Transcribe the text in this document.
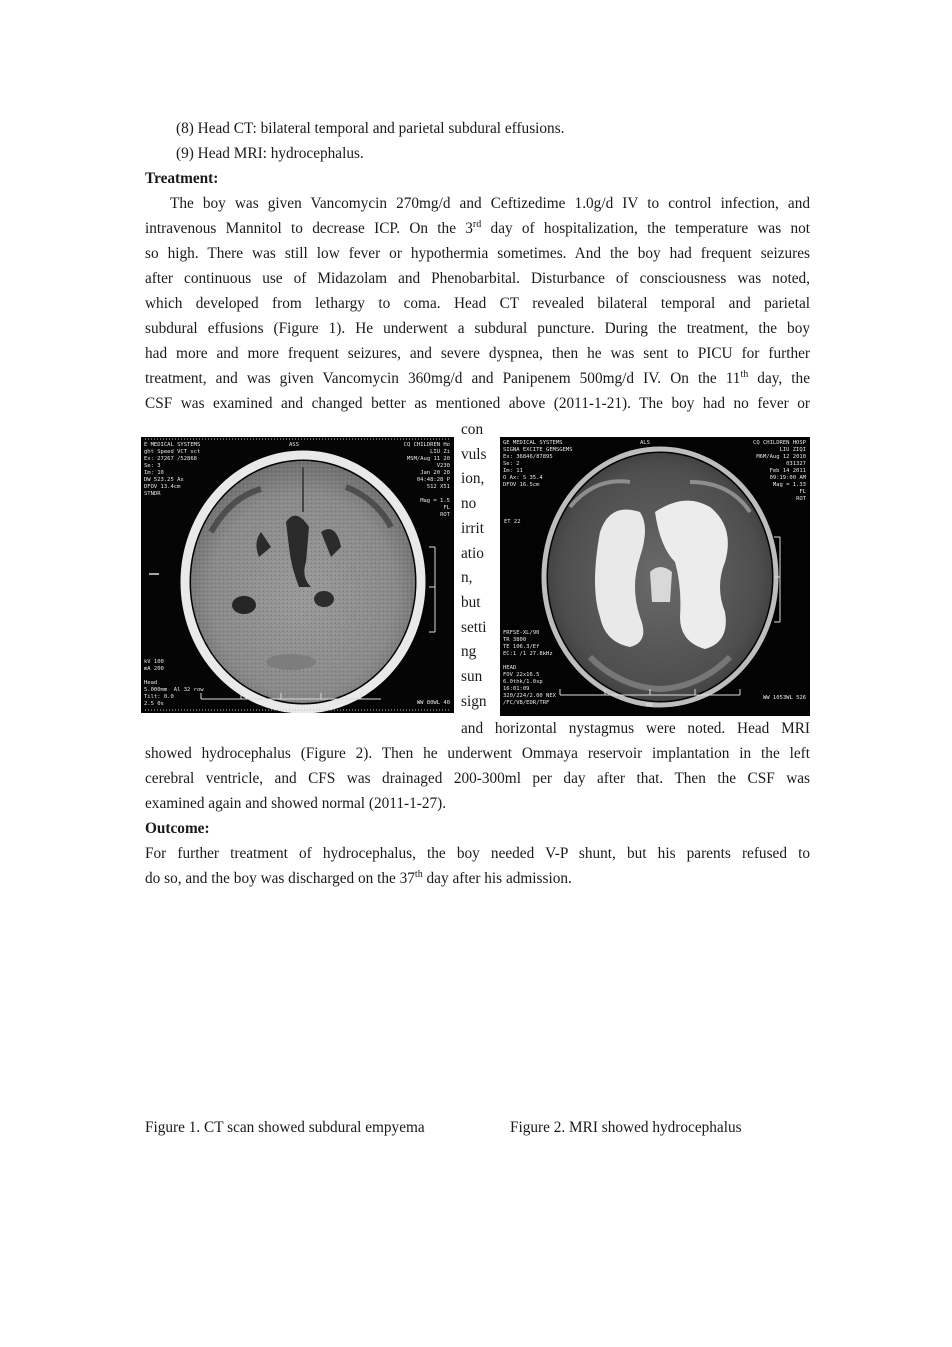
(8) Head CT: bilateral temporal and parietal subdural effusions.
(9) Head MRI: hydrocephalus.
Treatment:
The boy was given Vancomycin 270mg/d and Ceftizedime 1.0g/d IV to control infection, and
intravenous Mannitol to decrease ICP. On the 3rd day of hospitalization, the temperature was not
so high. There was still low fever or hypothermia sometimes. And the boy had frequent seizures
after continuous use of Midazolam and Phenobarbital. Disturbance of consciousness was noted,
which developed from lethargy to coma. Head CT revealed bilateral temporal and parietal
subdural effusions (Figure 1). He underwent a subdural puncture. During the treatment, the boy
had more and more frequent seizures, and severe dyspnea, then he was sent to PICU for further
treatment, and was given Vancomycin 360mg/d and Panipenem 500mg/d IV. On the 11th day, the
CSF was examined and changed better as mentioned above (2011-1-21). The boy had no fever or
E MEDICAL SYSTEMS
ght Speed VCT vct
Ex: 27267 /52868
Se: 3
Im: 10
DW 523.25 Ax
DFOV 13.4cm
STNDR
ASS	CQ CHILDREN Ho
LIU Zi
MSM/Aug 11 20
V230
Jan 20 20
04:48:28 P
512 X51

Mag = 1.5
FL
ROT
kV 100
mA 200

Head
5.000mm  Al 32 row
Tilt: 0.0
2.5 0s	WW 80WL 40
con
vuls
ion,
no
irrit
atio
n,
but
setti
ng
sun
sign
GE MEDICAL SYSTEMS
SIGNA EXCITE GEMSGEMS
Ex: 36846/87895
Se: 2
Im: 11
O Ax: S 35.4
DFOV 16.5cm
ALS	CQ CHILDREN HOSP
LIU ZIQI
M6M/Aug 12 2010
031327
Feb 14 2011
09:19:00 AM
Mag = 1.33
FL
ROT
ET 22
FRFSE-XL/90
TR 3800
TE 106.3/Ef
EC:1 /1 27.8kHz

HEAD
FOV 22x16.5
6.0thk/1.0sp
16:01:09
320/224/2.00 NEX
/FC/VB/EDR/TRF	FR
WW 1053WL 526
and horizontal nystagmus were noted. Head MRI
showed hydrocephalus (Figure 2). Then he underwent Ommaya reservoir implantation in the left
cerebral ventricle, and CFS was drainaged 200-300ml per day after that. Then the CSF was
examined again and showed normal (2011-1-27).
Outcome:
For further treatment of hydrocephalus, the boy needed V-P shunt, but his parents refused to
do so, and the boy was discharged on the 37th day after his admission.
Figure 1. CT scan showed subdural empyema	Figure 2. MRI showed hydrocephalus
